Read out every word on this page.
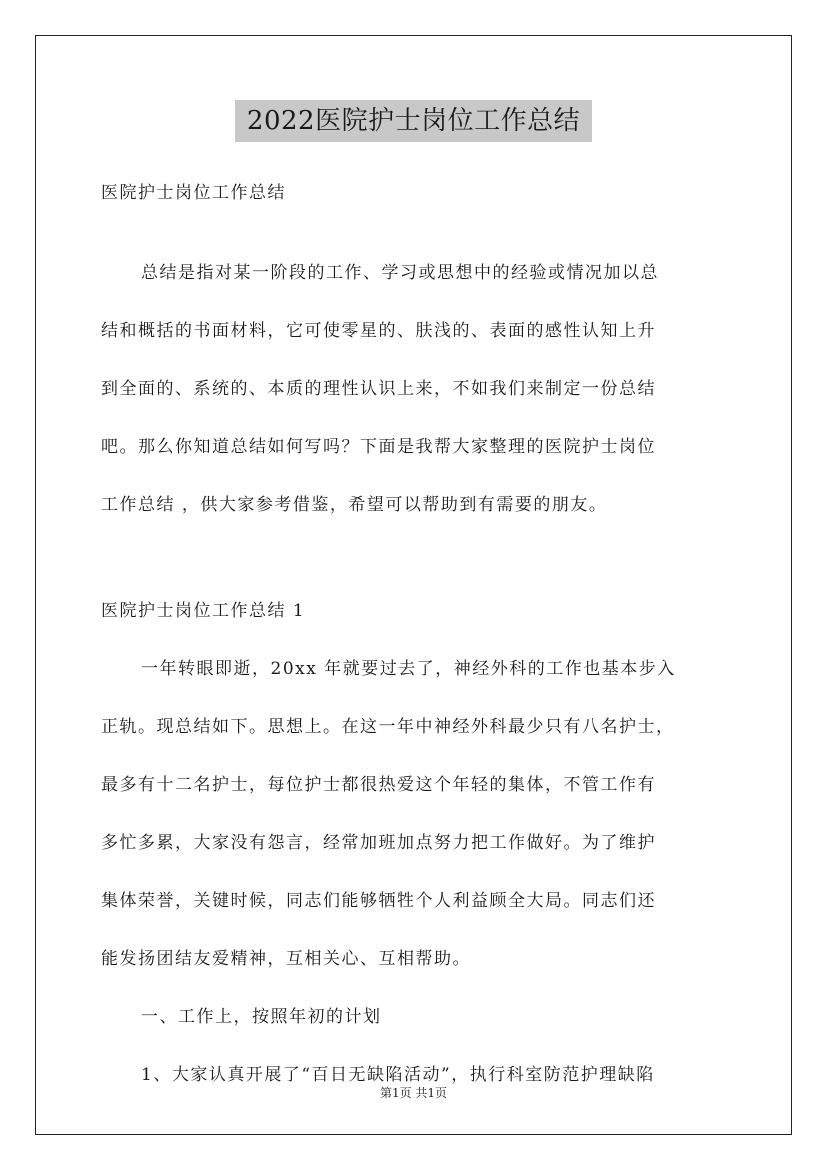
2022医院护士岗位工作总结
医院护士岗位工作总结
总结是指对某一阶段的工作、学习或思想中的经验或情况加以总
结和概括的书面材料，它可使零星的、肤浅的、表面的感性认知上升
到全面的、系统的、本质的理性认识上来，不如我们来制定一份总结
吧。那么你知道总结如何写吗？下面是我帮大家整理的医院护士岗位
工作总结 ，供大家参考借鉴，希望可以帮助到有需要的朋友。
医院护士岗位工作总结 1
一年转眼即逝，20xx 年就要过去了，神经外科的工作也基本步入
正轨。现总结如下。思想上。在这一年中神经外科最少只有八名护士，
最多有十二名护士，每位护士都很热爱这个年轻的集体，不管工作有
多忙多累，大家没有怨言，经常加班加点努力把工作做好。为了维护
集体荣誉，关键时候，同志们能够牺牲个人利益顾全大局。同志们还
能发扬团结友爱精神，互相关心、互相帮助。
一、工作上，按照年初的计划
1、大家认真开展了“百日无缺陷活动”，执行科室防范护理缺陷
第1页 共1页
